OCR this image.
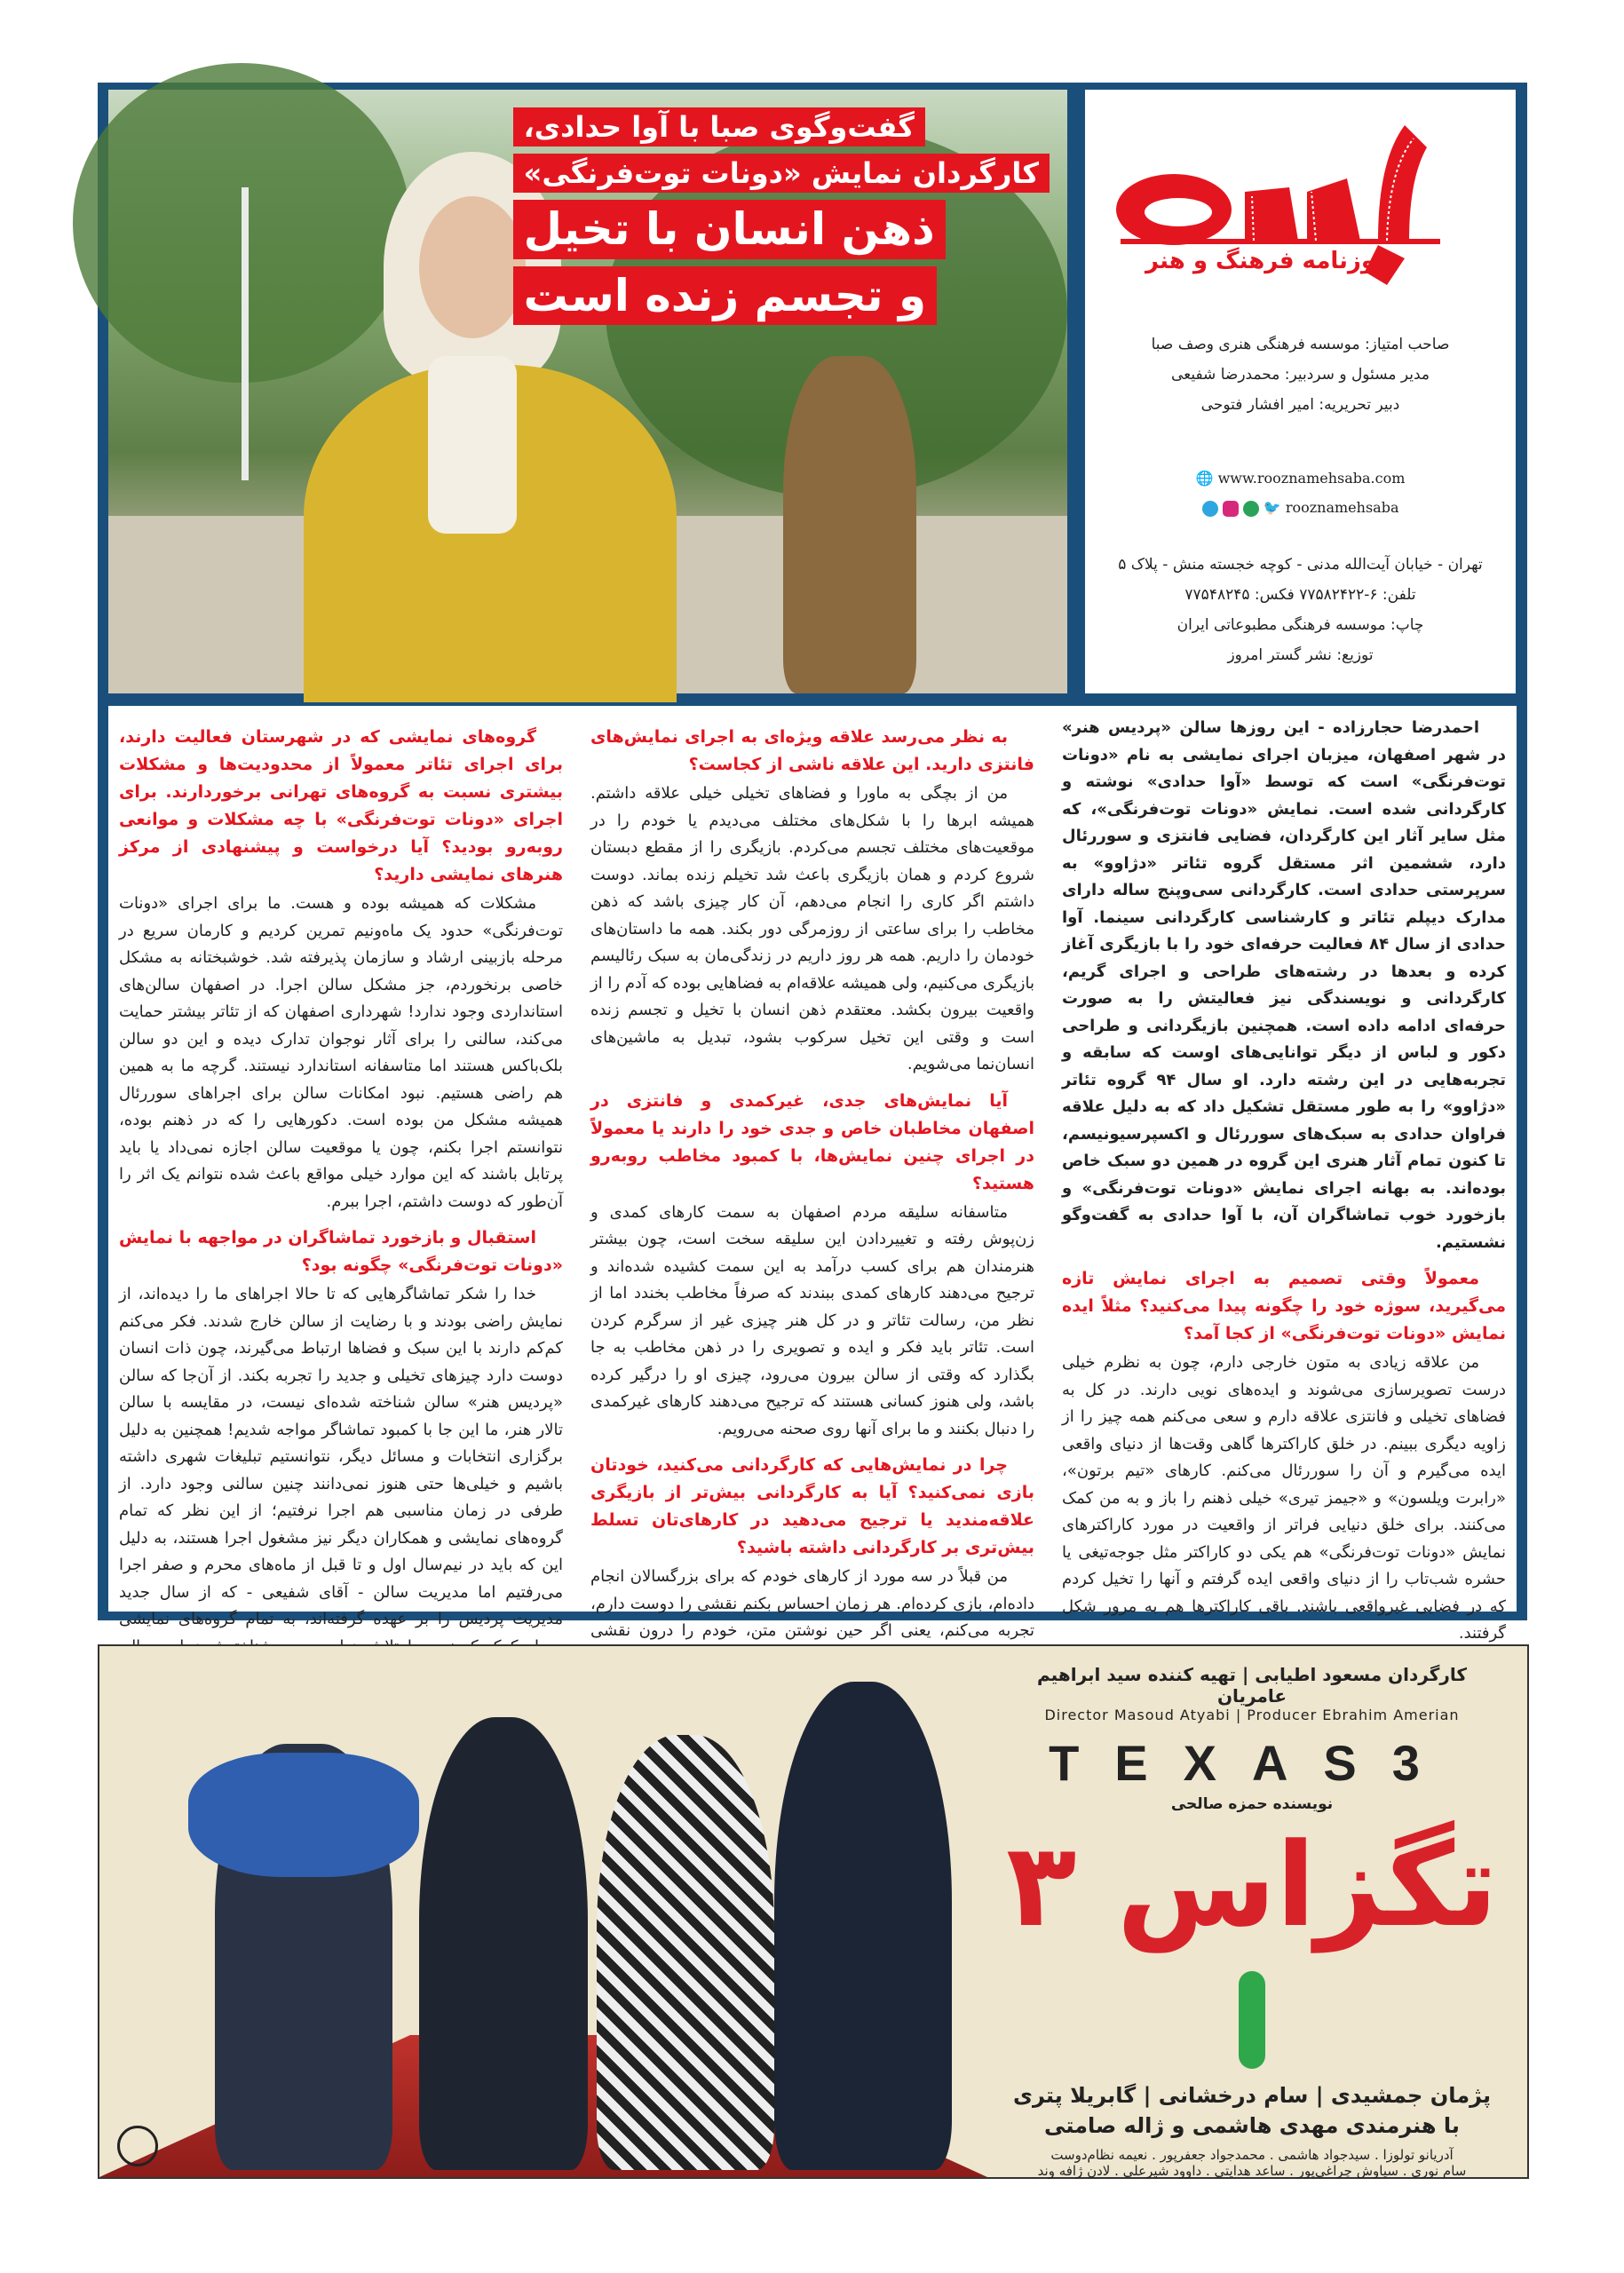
گفت‌وگوی صبا با آوا حدادی،
کارگردان نمایش «دونات توت‌فرنگی»
ذهن انسان با تخیل
و تجسم زنده است
روزنامه فرهنگ و هنر
صاحب امتیاز: موسسه فرهنگی هنری وصف صبا
مدیر مسئول و سردبیر: محمدرضا شفیعی
دبیر تحریریه: امیر افشار فتوحی
🌐 www.rooznamehsaba.com
🐦 rooznamehsaba
تهران - خیابان آیت‌الله مدنی - کوچه خجسته منش - پلاک ۵
تلفن: ۶-۷۷۵۸۲۴۲۲ فکس: ۷۷۵۴۸۲۴۵
چاپ: موسسه فرهنگی مطبوعاتی ایران
توزیع: نشر گستر امروز

احمدرضا حجارزاده - این روزها سالن «پردیس هنر» در شهر اصفهان، میزبان اجرای نمایشی به نام «دونات توت‌فرنگی» است که توسط «آوا حدادی» نوشته و کارگردانی شده است. نمایش «دونات توت‌فرنگی»، که مثل سایر آثار این کارگردان، فضایی فانتزی و سوررئال دارد، ششمین اثر مستقل گروه تئاتر «دژاوو» به سرپرستی حدادی است. کارگردانی سی‌وپنج ساله دارای مدارک دیپلم تئاتر و کارشناسی کارگردانی سینما. آوا حدادی از سال ۸۴ فعالیت حرفه‌ای خود را با بازیگری آغاز کرده و بعدها در رشته‌های طراحی و اجرای گریم، کارگردانی و نویسندگی نیز فعالیتش را به صورت حرفه‌ای ادامه داده است. همچنین بازیگردانی و طراحی دکور و لباس از دیگر توانایی‌های اوست که سابقه و تجربه‌هایی در این رشته دارد. او سال ۹۴ گروه تئاتر «دژاوو» را به طور مستقل تشکیل داد که به دلیل علاقه فراوان حدادی به سبک‌های سوررئال و اکسپرسیونیسم، تا کنون تمام آثار هنری این گروه در همین دو سبک خاص بوده‌اند. به بهانه اجرای نمایش «دونات توت‌فرنگی» و بازخورد خوب تماشاگران آن، با آوا حدادی به گفت‌وگو نشستیم.

معمولاً وقتی تصمیم به اجرای نمایش تازه می‌گیرید، سوژه خود را چگونه پیدا می‌کنید؟ مثلاً ایده نمایش «دونات توت‌فرنگی» از کجا آمد؟

من علاقه زیادی به متون خارجی دارم، چون به نظرم خیلی درست تصویرسازی می‌شوند و ایده‌های نویی دارند. در کل به فضاهای تخیلی و فانتزی علاقه دارم و سعی می‌کنم همه چیز را از زاویه دیگری ببینم. در خلق کاراکترها گاهی وقت‌ها از دنیای واقعی ایده می‌گیرم و آن را سوررئال می‌کنم. کارهای «تیم برتون»، «رابرت ویلسون» و «جیمز تیری» خیلی ذهنم را باز و به من کمک می‌کنند. برای خلق دنیایی فراتر از واقعیت در مورد کاراکترهای نمایش «دونات توت‌فرنگی» هم یکی دو کاراکتر مثل جوجه‌تیغی یا حشره شب‌تاب را از دنیای واقعی ایده گرفتم و آنها را تخیل کردم که در فضایی غیرواقعی باشند. باقی کاراکترها هم به مرور شکل گرفتند.

به نظر می‌رسد علاقه ویژه‌ای به اجرای نمایش‌های فانتزی دارید. این علاقه ناشی از کجاست؟

من از بچگی به ماورا و فضاهای تخیلی خیلی علاقه داشتم. همیشه ابرها را با شکل‌های مختلف می‌دیدم یا خودم را در موقعیت‌های مختلف تجسم می‌کردم. بازیگری را از مقطع دبستان شروع کردم و همان بازیگری باعث شد تخیلم زنده بماند. دوست داشتم اگر کاری را انجام می‌دهم، آن کار چیزی باشد که ذهن مخاطب را برای ساعتی از روزمرگی دور بکند. همه ما داستان‌های خودمان را داریم. همه هر روز داریم در زندگی‌مان به سبک رئالیسم بازیگری می‌کنیم، ولی همیشه علاقه‌ام به فضاهایی بوده که آدم را از واقعیت بیرون بکشد. معتقدم ذهن انسان با تخیل و تجسم زنده است و وقتی این تخیل سرکوب بشود، تبدیل به ماشین‌های انسان‌نما می‌شویم.

آیا نمایش‌های جدی، غیرکمدی و فانتزی در اصفهان مخاطبان خاص و جدی خود را دارند یا معمولاً در اجرای چنین نمایش‌ها، با کمبود مخاطب روبه‌رو هستید؟

متاسفانه سلیقه مردم اصفهان به سمت کارهای کمدی و زن‌پوش رفته و تغییردادن این سلیقه سخت است، چون بیشتر هنرمندان هم برای کسب درآمد به این سمت کشیده شده‌اند و ترجیح می‌دهند کارهای کمدی ببندند که صرفاً مخاطب بخندد اما از نظر من، رسالت تئاتر و در کل هنر چیزی غیر از سرگرم کردن است. تئاتر باید فکر و ایده و تصویری را در ذهن مخاطب به جا بگذارد که وقتی از سالن بیرون می‌رود، چیزی او را درگیر کرده باشد، ولی هنوز کسانی هستند که ترجیح می‌دهند کارهای غیرکمدی را دنبال بکنند و ما برای آنها روی صحنه می‌رویم.

چرا در نمایش‌هایی که کارگردانی می‌کنید، خودتان بازی نمی‌کنید؟ آیا به کارگردانی بیش‌تر از بازیگری علاقه‌مندید یا ترجیح می‌دهید در کارهای‌تان تسلط بیش‌تری بر کارگردانی داشته باشید؟

من قبلاً در سه مورد از کارهای خودم که برای بزرگسالان انجام داده‌ام، بازی کرده‌ام. هر زمان احساس بکنم نقشی را دوست دارم، تجربه می‌کنم، یعنی اگر حین نوشتن متن، خودم را درون نقشی

گروه‌های نمایشی که در شهرستان فعالیت دارند، برای اجرای تئاتر معمولاً از محدودیت‌ها و مشکلات بیشتری نسبت به گروه‌های تهرانی برخوردارند. برای اجرای «دونات توت‌فرنگی» با چه مشکلات و موانعی روبه‌رو بودید؟ آیا درخواست و پیشنهادی از مرکز هنرهای نمایشی دارید؟

مشکلات که همیشه بوده و هست. ما برای اجرای «دونات توت‌فرنگی» حدود یک ماه‌ونیم تمرین کردیم و کارمان سریع در مرحله بازبینی ارشاد و سازمان پذیرفته شد. خوشبختانه به مشکل خاصی برنخوردم، جز مشکل سالن اجرا. در اصفهان سالن‌های استانداردی وجود ندارد! شهرداری اصفهان که از تئاتر بیشتر حمایت می‌کند، سالنی را برای آثار نوجوان تدارک دیده و این دو سالن بلک‌باکس هستند اما متاسفانه استاندارد نیستند. گرچه ما به همین هم راضی هستیم. نبود امکانات سالن برای اجراهای سوررئال همیشه مشکل من بوده است. دکورهایی را که در ذهنم بوده، نتوانستم اجرا بکنم، چون یا موقعیت سالن اجازه نمی‌داد یا باید پرتابل باشند که این موارد خیلی مواقع باعث شده نتوانم یک اثر را آن‌طور که دوست داشتم، اجرا ببرم.

استقبال و بازخورد تماشاگران در مواجهه با نمایش «دونات توت‌فرنگی» چگونه بود؟

خدا را شکر تماشاگرهایی که تا حالا اجراهای ما را دیده‌اند، از نمایش راضی بودند و با رضایت از سالن خارج شدند. فکر می‌کنم کم‌کم دارند با این سبک و فضاها ارتباط می‌گیرند، چون ذات انسان دوست دارد چیزهای تخیلی و جدید را تجربه بکند. از آن‌جا که سالن «پردیس هنر» سالن شناخته شده‌ای نیست، در مقایسه با سالن تالار هنر، ما این جا با کمبود تماشاگر مواجه شدیم! همچنین به دلیل برگزاری انتخابات و مسائل دیگر، نتوانستیم تبلیغات شهری داشته باشیم و خیلی‌ها حتی هنوز نمی‌دانند چنین سالنی وجود دارد. از طرفی در زمان مناسبی هم اجرا نرفتیم؛ از این نظر که تمام گروه‌های نمایشی و همکاران دیگر نیز مشغول اجرا هستند، به دلیل این که باید در نیم‌سال اول و تا قبل از ماه‌های محرم و صفر اجرا می‌رفتیم اما مدیریت سالن - آقای شفیعی - که از سال جدید مدیریت پردیس را بر عهده گرفته‌اند، به تمام گروه‌های نمایشی

کارگردان مسعود اطیابی | تهیه کننده سید ابراهیم عامریان
Director Masoud Atyabi | Producer Ebrahim Amerian
TEXAS3
نویسنده حمزه صالحی
تگزاس ۳
پژمان جمشیدی | سام درخشانی | گابریلا پتری
با هنرمندی مهدی هاشمی و ژاله صامتی
آدریانو تولوزا . سیدجواد هاشمی . محمدجواد جعفرپور . نعیمه نظام‌دوست
سام نوری . سیاوش چراغی‌پور . ساعد هدایتی . داوود شیرعلی . لادن ژافه وند
